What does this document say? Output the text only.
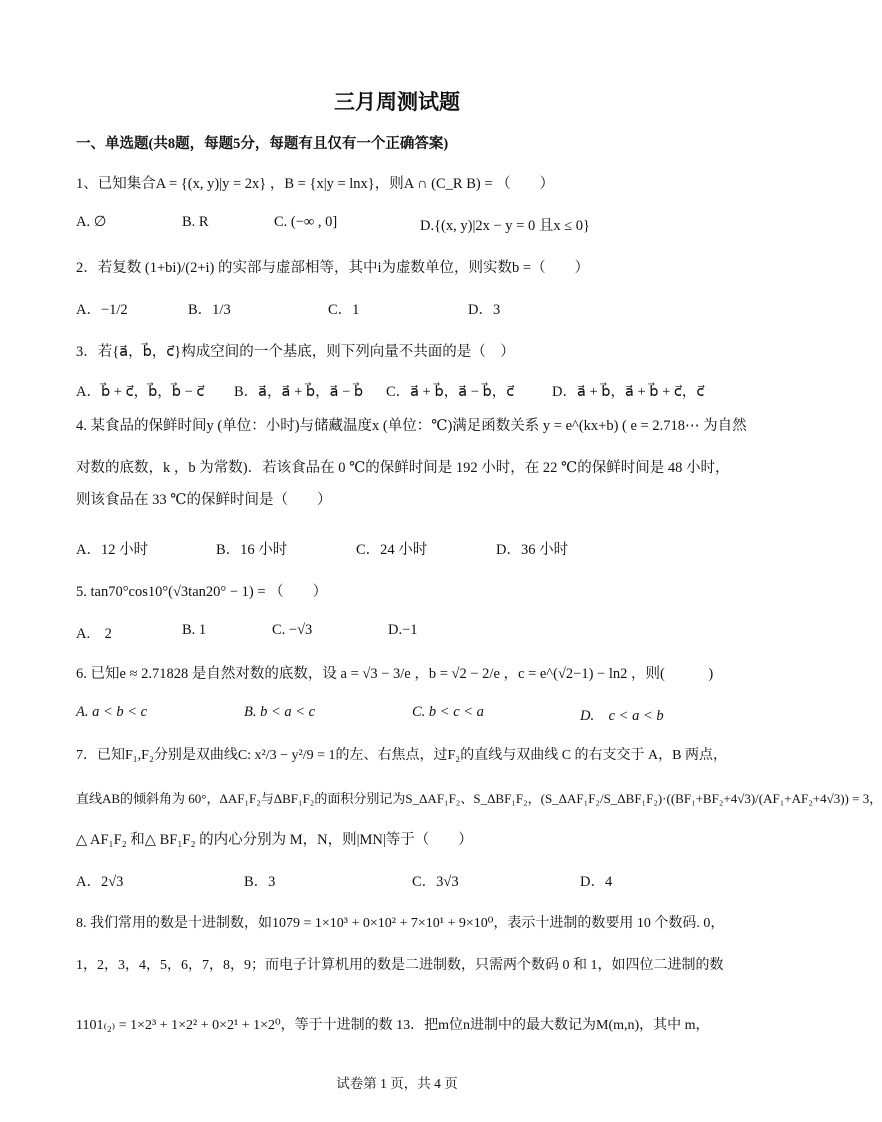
三月周测试题
一、单选题(共8题，每题5分，每题有且仅有一个正确答案)
1、已知集合A = {(x, y)|y = 2x} ，B = {x|y = lnx}，则A ∩ (C_R B) = （　　）
A. ∅	B. R	C. (−∞ , 0]	D.{(x, y)|2x − y = 0 且x ≤ 0}
2．若复数 (1+bi)/(2+i) 的实部与虚部相等，其中i为虚数单位，则实数b =（　　）
A．−1/2	B．1/3	C．1	D．3
3．若{a⃗，b⃗，c⃗}构成空间的一个基底，则下列向量不共面的是（　）
A．b⃗ + c⃗，b⃗，b⃗ − c⃗ B．a⃗，a⃗ + b⃗，a⃗ − b⃗ C．a⃗ + b⃗，a⃗ − b⃗，c⃗	D．a⃗ + b⃗，a⃗ + b⃗ + c⃗，c⃗
4. 某食品的保鲜时间y (单位：小时)与储藏温度x (单位：℃)满足函数关系 y = e^(kx+b) ( e = 2.718⋯ 为自然
对数的底数，k ，b 为常数)．若该食品在 0 ℃的保鲜时间是 192 小时，在 22 ℃的保鲜时间是 48 小时，
则该食品在 33 ℃的保鲜时间是（　　）
A．12 小时	B．16 小时	C．24 小时	D．36 小时
5. tan70°cos10°(√3tan20° − 1) = （　　）
A.　2	B. 1	C. −√3	D.−1
6. 已知e ≈ 2.71828 是自然对数的底数，设 a = √3 − 3/e ，b = √2 − 2/e ，c = e^(√2−1) − ln2 ，则(　　　)
A. a < b < c	B. b < a < c	C. b < c < a	D.　c < a < b
7．已知F₁,F₂分别是双曲线C: x²/3 − y²/9 = 1的左、右焦点，过F₂的直线与双曲线 C 的右支交于 A，B 两点，
直线AB的倾斜角为 60°，ΔAF₁F₂与ΔBF₁F₂的面积分别记为S_ΔAF₁F₂、S_ΔBF₁F₂，(S_ΔAF₁F₂/S_ΔBF₁F₂)·((BF₁+BF₂+4√3)/(AF₁+AF₂+4√3)) = 3，
△ AF₁F₂ 和△ BF₁F₂ 的内心分别为 M，N，则|MN|等于（　　）
A．2√3	B．3	C．3√3	D．4
8. 我们常用的数是十进制数，如1079 = 1×10³ + 0×10² + 7×10¹ + 9×10⁰，表示十进制的数要用 10 个数码. 0，
1，2，3，4，5，6，7，8，9；而电子计算机用的数是二进制数，只需两个数码 0 和 1，如四位二进制的数
1101₍₂₎ = 1×2³ + 1×2² + 0×2¹ + 1×2⁰，等于十进制的数 13．把m位n进制中的最大数记为M(m,n)，其中 m，
试卷第 1 页，共 4 页
